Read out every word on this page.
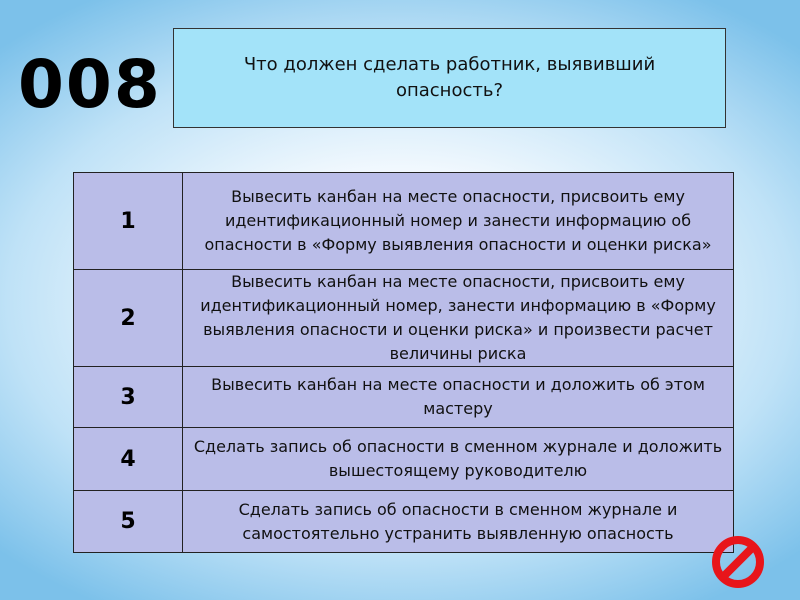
008	Что должен сделать работник, выявивший опасность?
1	Вывесить канбан на месте опасности, присвоить ему идентификационный номер и занести информацию об опасности в «Форму выявления опасности и оценки риска»
2	Вывесить канбан на месте опасности, присвоить ему идентификационный номер, занести информацию в «Форму выявления опасности и оценки риска» и произвести расчет величины риска
3	Вывесить канбан на месте опасности и доложить об этом мастеру
4	Сделать запись об опасности в сменном журнале и доложить вышестоящему руководителю
5	Сделать запись об опасности в сменном журнале и самостоятельно устранить выявленную опасность
